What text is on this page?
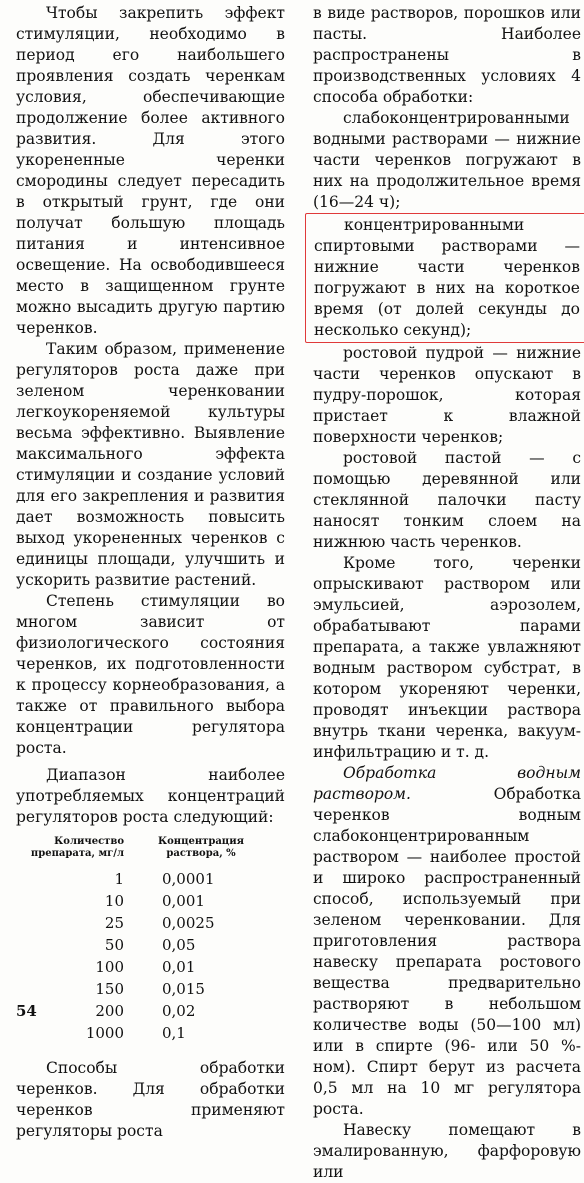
Чтобы закрепить эффект стимуляции, необходимо в период его наибольшего проявления создать черенкам условия, обеспечивающие продолжение более активного развития. Для этого укорененные черенки смородины следует пересадить в открытый грунт, где они получат большую площадь питания и интенсивное освещение. На освободившееся место в защищенном грунте можно высадить другую партию черенков.

Таким образом, применение регуляторов роста даже при зеленом черенковании легкоукореняемой культуры весьма эффективно. Выявление максимального эффекта стимуляции и создание условий для его закрепления и развития дает возможность повысить выход укорененных черенков с единицы площади, улучшить и ускорить развитие растений.

Степень стимуляции во многом зависит от физиологического состояния черенков, их подготовленности к процессу корнеобразования, а также от правильного выбора концентрации регулятора роста.

Диапазон наиболее употребляемых концентраций регуляторов роста следующий:

Количество препарата, мг/л	Концентрация раствора, %
1	0,0001
10	0,001
25	0,0025
50	0,05
100	0,01
150	0,015
200	0,02
1000	0,1

Способы обработки черенков. Для обработки черенков применяют регуляторы роста

в виде растворов, порошков или пасты. Наиболее распространены в производственных условиях 4 способа обработки:

слабоконцентрированными водными растворами — нижние части черенков погружают в них на продолжительное время (16—24 ч);

концентрированными спиртовыми растворами — нижние части черенков погружают в них на короткое время (от долей секунды до несколько секунд);

ростовой пудрой — нижние части черенков опускают в пудру-порошок, которая пристает к влажной поверхности черенков;

ростовой пастой — с помощью деревянной или стеклянной палочки пасту наносят тонким слоем на нижнюю часть черенков.

Кроме того, черенки опрыскивают раствором или эмульсией, аэрозолем, обрабатывают парами препарата, а также увлажняют водным раствором субстрат, в котором укореняют черенки, проводят инъекции раствора внутрь ткани черенка, вакуум-инфильтрацию и т. д.

Обработка водным раствором.	Обработка черенков водным слабоконцентрированным раствором — наиболее простой и широко распространенный способ, используемый при зеленом черенковании. Для приготовления раствора навеску препарата ростового вещества предварительно растворяют в небольшом количестве воды (50—100 мл) или в спирте (96- или 50 %-ном). Спирт берут из расчета 0,5 мл на 10 мг регулятора роста.

Навеску помещают в эмалированную, фарфоровую или

54
